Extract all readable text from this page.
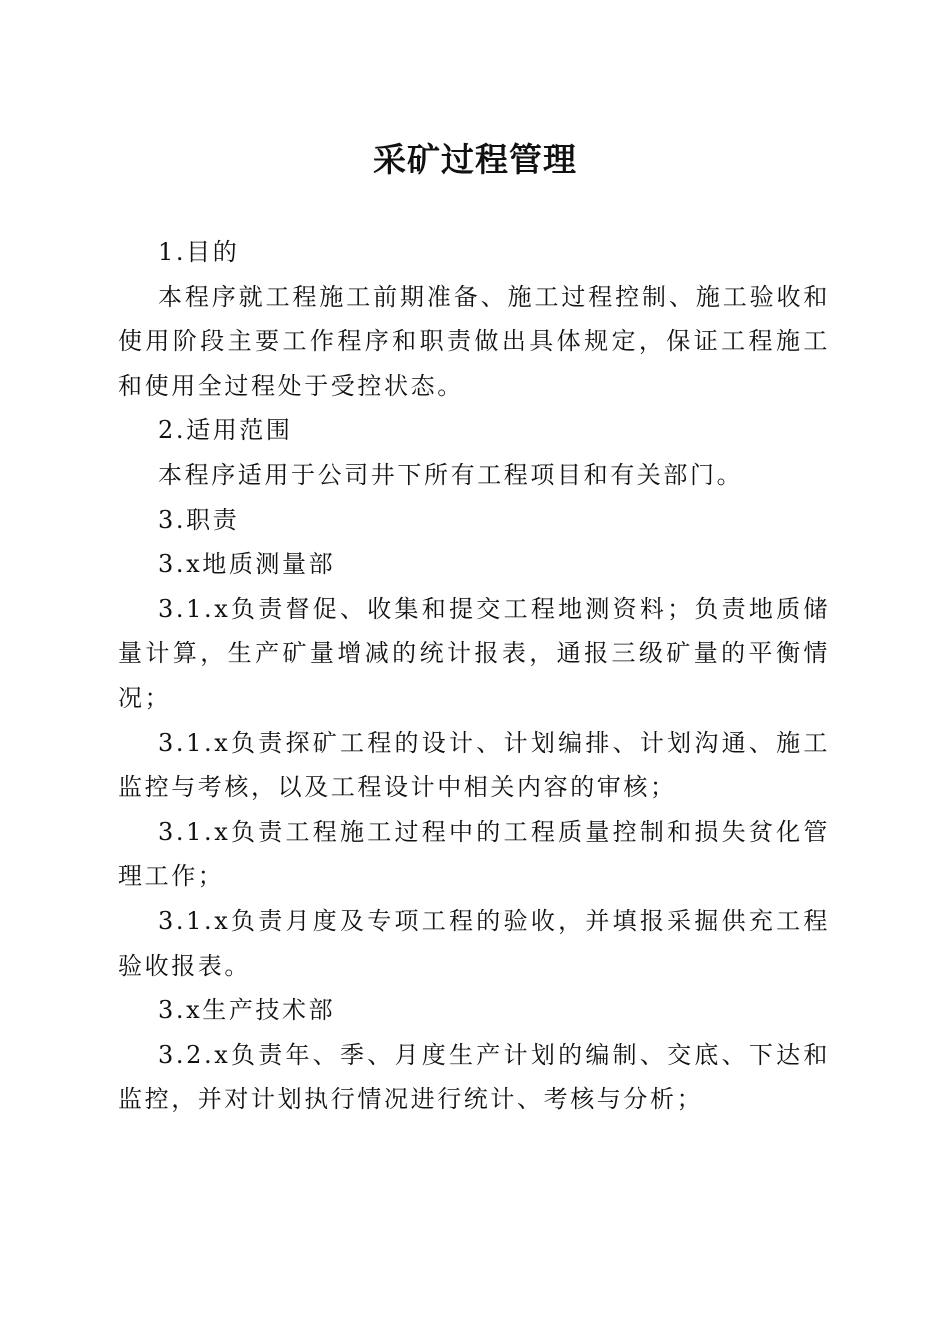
采矿过程管理

1.目的

本程序就工程施工前期准备、施工过程控制、施工验收和使用阶段主要工作程序和职责做出具体规定，保证工程施工和使用全过程处于受控状态。

2.适用范围

本程序适用于公司井下所有工程项目和有关部门。

3.职责

3.x地质测量部

3.1.x负责督促、收集和提交工程地测资料；负责地质储量计算，生产矿量增减的统计报表，通报三级矿量的平衡情况；

3.1.x负责探矿工程的设计、计划编排、计划沟通、施工监控与考核，以及工程设计中相关内容的审核；

3.1.x负责工程施工过程中的工程质量控制和损失贫化管理工作；

3.1.x负责月度及专项工程的验收，并填报采掘供充工程验收报表。

3.x生产技术部

3.2.x负责年、季、月度生产计划的编制、交底、下达和监控，并对计划执行情况进行统计、考核与分析；
